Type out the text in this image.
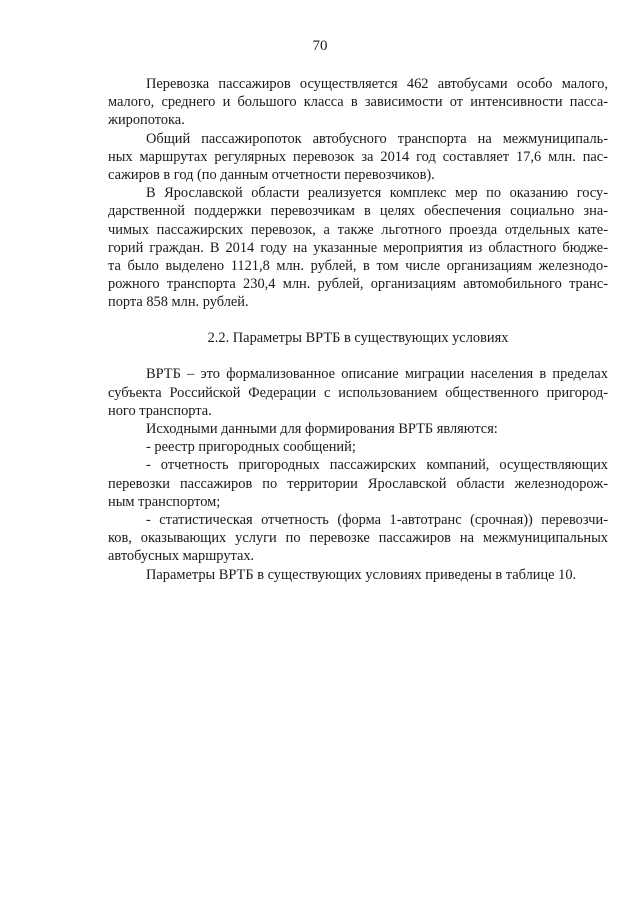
70
Перевозка пассажиров осуществляется 462 автобусами особо малого,
малого, среднего и большого класса в зависимости от интенсивности пасса-
жиропотока.
Общий пассажиропоток автобусного транспорта на межмуниципаль-
ных маршрутах регулярных перевозок за 2014 год составляет 17,6 млн. пас-
сажиров в год (по данным отчетности перевозчиков).
В Ярославской области реализуется комплекс мер по оказанию госу-
дарственной поддержки перевозчикам в целях обеспечения социально зна-
чимых пассажирских перевозок, а также льготного проезда отдельных кате-
горий граждан. В 2014 году на указанные мероприятия из областного бюдже-
та было выделено 1121,8 млн. рублей, в том числе организациям железнодо-
рожного транспорта 230,4 млн. рублей, организациям автомобильного транс-
порта 858 млн. рублей.
2.2. Параметры ВРТБ в существующих условиях
ВРТБ – это формализованное описание миграции населения в пределах
субъекта Российской Федерации с использованием общественного пригород-
ного транспорта.
Исходными данными для формирования ВРТБ являются:
- реестр пригородных сообщений;
- отчетность пригородных пассажирских компаний, осуществляющих
перевозки пассажиров по территории Ярославской области железнодорож-
ным транспортом;
- статистическая отчетность (форма 1-автотранс (срочная)) перевозчи-
ков, оказывающих услуги по перевозке пассажиров на межмуниципальных
автобусных маршрутах.
Параметры ВРТБ в существующих условиях приведены в таблице 10.
